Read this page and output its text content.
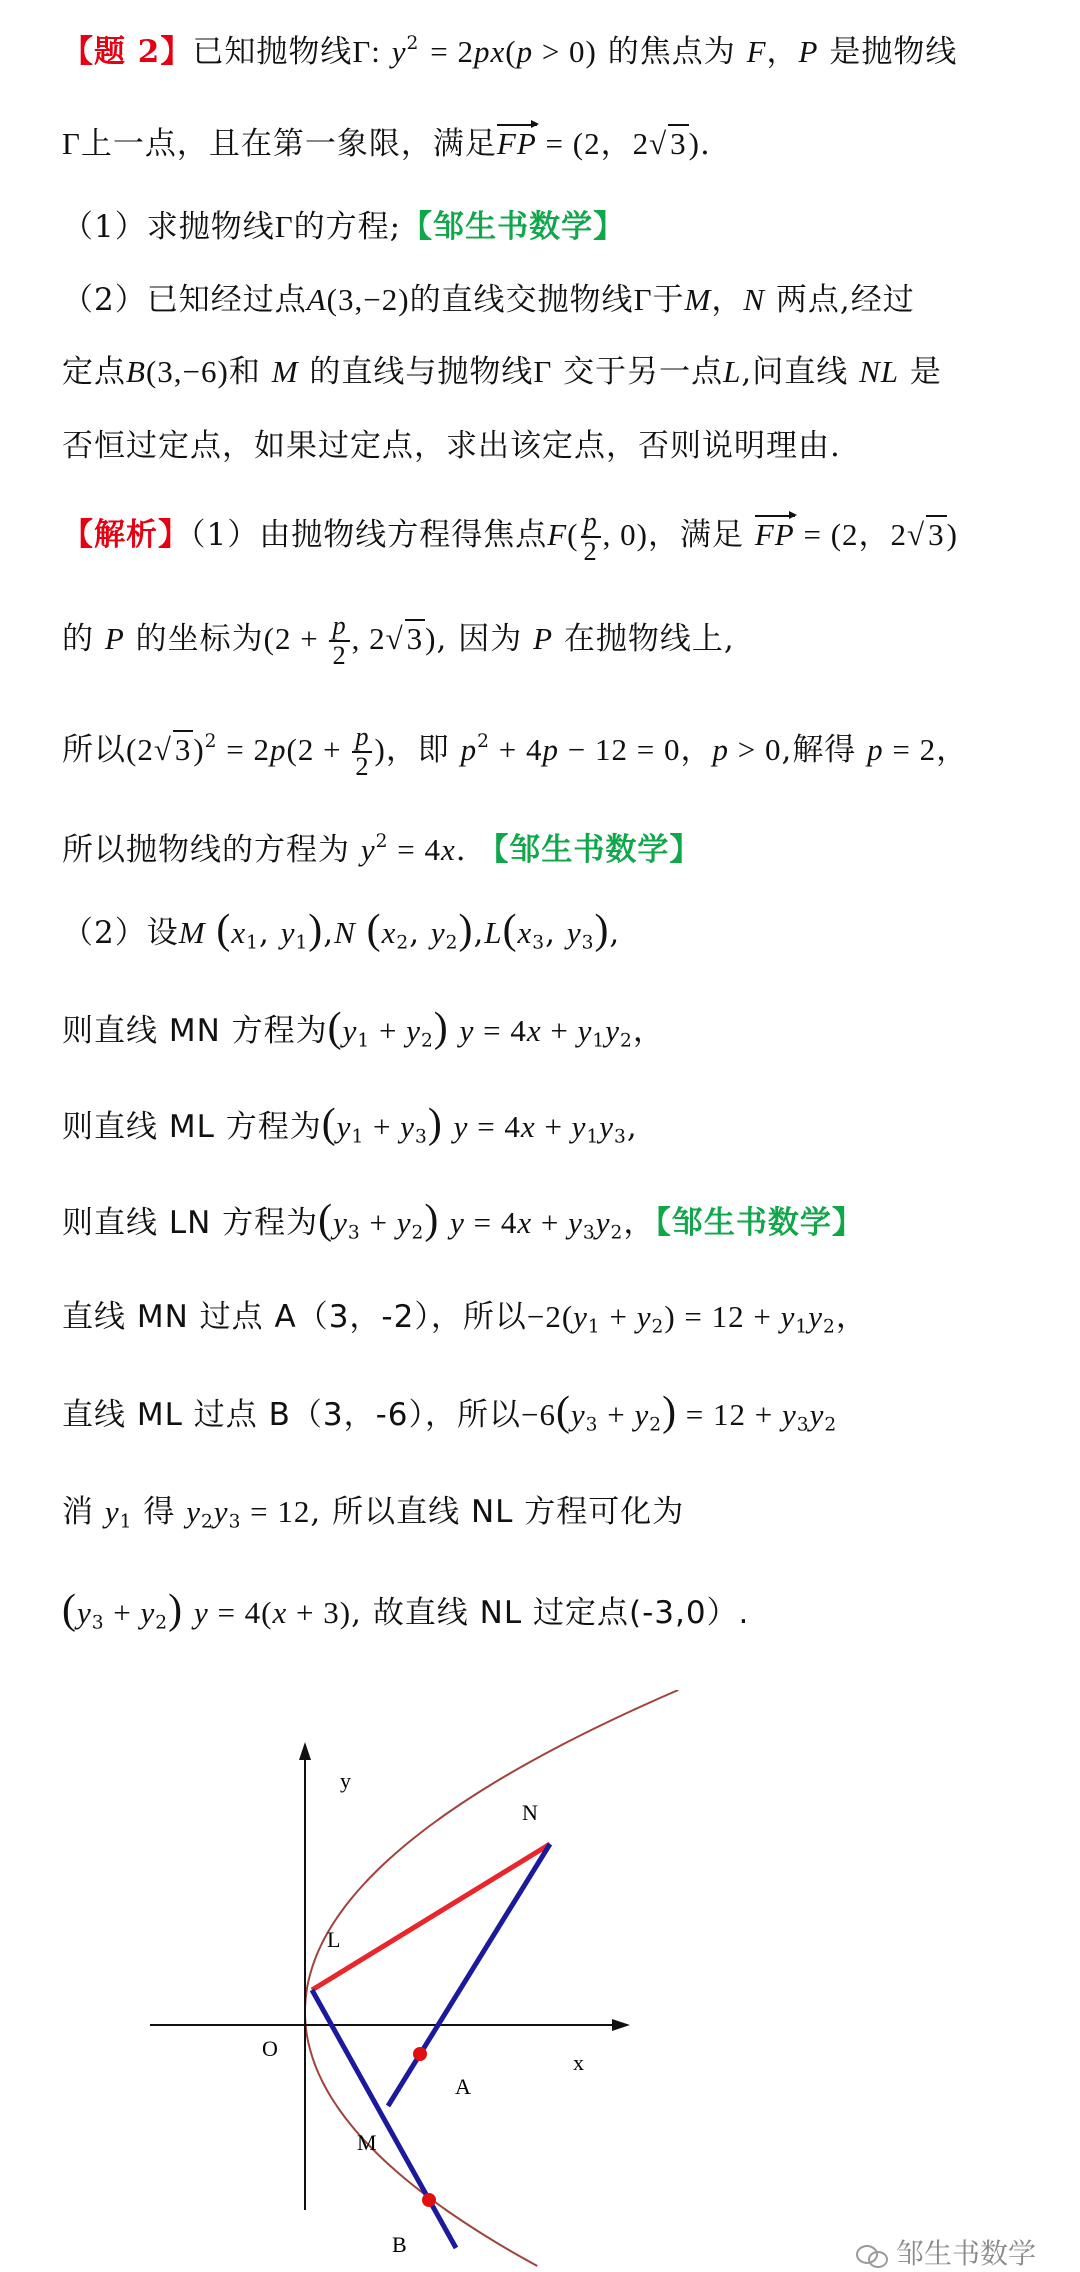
【题 2】已知抛物线Γ: $y^2 = 2px(p > 0)$ 的焦点为 F，P 是抛物线
Γ上一点，且在第一象限，满足FP = (2，2√3).
（1）求抛物线Γ的方程;【邹生书数学】
（2）已知经过点A(3,−2)的直线交抛物线Γ于M，N 两点,经过
定点B(3,−6)和 M 的直线与抛物线Γ 交于另一点L,问直线 NL 是
否恒过定点，如果过定点，求出该定点，否则说明理由.
【解析】（1）由抛物线方程得焦点$F( \frac{p}{2}$ , 0)，满足 FP = (2，2√3)
的 P 的坐标为($2 + \frac{p}{2}$ , 2√3), 因为 P 在抛物线上,
所以$(2√3)^2 = 2p(2 + \frac{p}{2}$ )，即 $p^2 + 4p - 12 = 0$，p > 0,解得 p = 2，
所以抛物线的方程为 $y^2 = 4x$. 【邹生书数学】
（2）设M ($x_1$, $y_1),N$ ($x_2$, $y_2),L(x_3$, $y_3$),
则直线 MN 方程为$(y_1 + y_2) y = 4x + y_1y_2$，
则直线 ML 方程为$(y_1 + y_3) y = 4x + y_1y_3$,
则直线 LN 方程为$(y_3 + y_2) y = 4x + y_3y_2$，【邹生书数学】
直线 MN 过点 A（3，-2），所以$-2(y_1 + y_2) = 12 + y_1y_2$，
直线 ML 过点 B（3，-6），所以$-6(y_3 + y_2) = 12 + y_3y_2$
消 $y_1$ 得 $y_2y_3 = 12$, 所以直线 NL 方程可化为
$(y_3 + y_2) y = 4(x + 3)$, 故直线 NL 过定点(-3,0）.
N
y
L
O
A
x
M
B	邹生书数学
